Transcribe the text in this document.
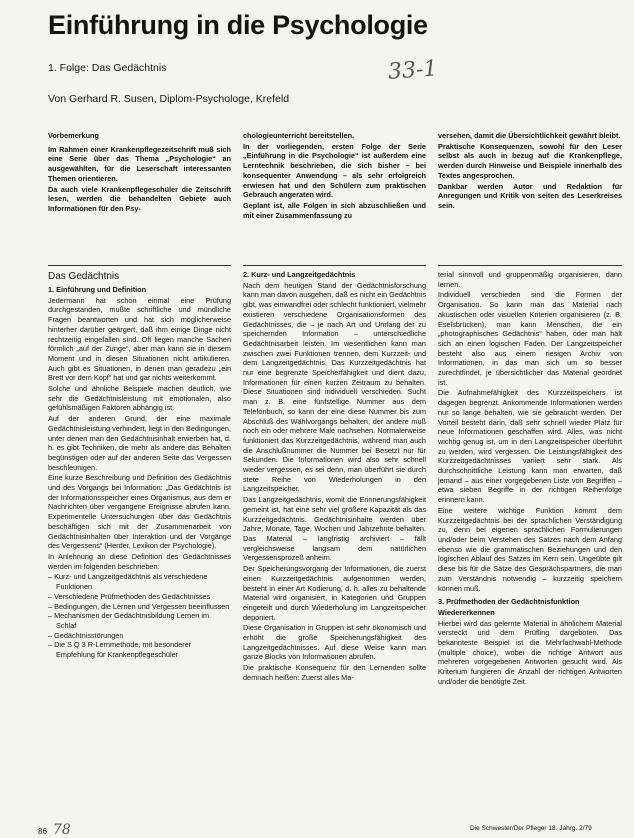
Einführung in die Psychologie
33-1
1. Folge: Das Gedächtnis
Von Gerhard R. Susen, Diplom-Psychologe, Krefeld

Vorbemerkung

Im Rahmen einer Krankenpflegezeitschrift muß sich eine Serie über das Thema „Psychologie“ an ausgewählten, für die Leserschaft interessanten Themen orientieren.

Da auch viele Krankenpflegeschüler die Zeitschrift lesen, werden die behandelten Gebiete auch Informationen für den Psy-

chologieunterricht bereitstellen.

In der vorliegenden, ersten Folge der Serie „Einführung in die Psychologie“ ist außerdem eine Lerntechnik beschrieben, die sich bisher – bei konsequenter Anwendung – als sehr erfolgreich erwiesen hat und den Schülern zum praktischen Gebrauch angeraten wird.

Geplant ist, alle Folgen in sich abzuschließen und mit einer Zusammenfassung zu

versehen, damit die Übersichtlichkeit gewährt bleibt.

Praktische Konsequenzen, sowohl für den Leser selbst als auch in bezug auf die Krankenpflege, werden durch Hinweise und Beispiele innerhalb des Textes angesprochen.

Dankbar werden Autor und Redaktion für Anregungen und Kritik von seiten des Leserkreises sein.

Das Gedächtnis

1. Einführung und Definition

Jedermann hat schon einmal eine Prüfung durchgestanden, mußte schriftliche und mündliche Fragen beantworten und hat sich möglicherweise hinterher darüber geärgert, daß ihm einige Dinge nicht rechtzeitig eingefallen sind. Oft liegen manche Sachen förmlich „auf der Zunge“, aber man kann sie in diesem Moment und in diesen Situationen nicht artikulieren. Auch gibt es Situationen, in denen man geradezu „ein Brett vor dem Kopf“ hat und gar nichts weiterkommt.

Solche und ähnliche Beispiele machen deutlich, wie sehr die Gedächtnisleistung mit emotionalen, also gefühlsmäßigen Faktoren abhängig ist.

Auf der anderen Grund, der eine maximale Gedächtnisleistung verhindert, liegt in den Bedingungen, unter denen man den Gedächtnisinhalt erwerben hat, d. h. es gibt Techniken, die mehr als andere das Behalten begünstigen oder auf der anderen Seite das Vergessen beschleunigen.

Eine kurze Beschreibung und Definition des Gedächtnis und des Vorgangs bei Information: „Das Gedächtnis ist der Informationsspeicher eines Organismus, aus dem er Nachrichten über vergangene Ereignisse abrufen kann. Experimentelle Untersuchungen über das Gedächtnis beschäftigen sich mit der Zusammenarbeit von Gedächtnisinhalten über Interaktion und der Vorgänge des Vergessens“ (Herder, Lexikon der Psychologie).

In Anlehnung an diese Definition des Gedächtnisses werden im folgenden beschrieben:

– Kurz- und Langzeitgedächtnis als verschiedene Funktionen
– Verschiedene Prüfmethoden des Gedächtnisses
– Bedingungen, die Lernen und Vergessen beeinflussen
– Mechanismen der Gedächtnisbildung Lernen im Schlaf
– Gedächtnisstörungen
– Die S Q 3 R-Lernmethode, mit besonderer Empfehlung für Krankenpflegeschüler

2. Kurz- und Langzeitgedächtnis

Nach dem heutigen Stand der Gedächtnisforschung kann man davon ausgehen, daß es nicht ein Gedächtnis gibt, was einwandfrei oder schlecht funktioniert, vielmehr existieren verschiedene Organisationsformen des Gedächtnisses, die – je nach Art und Umfang der zu speichernden Information – unterschiedliche Gedächtnisarbeit leisten. Im wesentlichen kann man zwischen zwei Funktionen trennen, dem Kurzzeit- und dem Langzeitgedächtnis. Das Kurzzeitgedächtnis hat nur eine begrenzte Speicherfähigkeit und dient dazu, Informationen für einen kurzen Zeitraum zu behalten. Diese Situationen sind individuell verschieden. Sucht man z. B. eine fünfstellige Nummer aus dem Telefonbuch, so kann der eine diese Nummer bis zum Abschluß des Wählvorgangs behalten, der andere muß noch ein oder mehrere Male nachsehen. Normalerweise funktioniert das Kurzzeitgedächtnis, während man auch die Anschlußnummer die Nummer bei Besetzt nur für Sekunden. Die Informationen wird also sehr schnell wieder vergessen, es sei denn, man überführt sie durch stete Reihe von Wiederholungen in den Langzeitspeicher.

Das Langzeitgedächtnis, womit die Erinnerungsfähigkeit gemeint ist, hat eine sehr viel größere Kapazität als das Kurzzeitgedächtnis. Gedächtnisinhalte werden über Jahre, Monate, Tage, Wochen und Jahrzehnte behalten. Das Material – langfristig archiviert – fällt vergleichsweise langsam dem natürlichen Vergessensprozeß anheim.

Der Speicherungsvorgang der Informationen, die zuerst einen Kurzzeitgedächtnis aufgenommen werden, besteht in einer Art Kodierung, d. h. alles zu behaltende Material wird organisiert, in Kategorien und Gruppen eingeteilt und durch Wiederholung im Langzeitspeicher deponiert.

Diese Organisation in Gruppen ist sehr ökonomisch und erhöht die große Speicherungsfähigkeit des Langzeitgedächtnisses. Auf diese Weise kann man ganze Blocks von Informationen abrufen.

Die praktische Konsequenz für den Lernenden sollte demnach heißen: Zuerst alles Ma-

terial sinnvoll und gruppenmäßig organisieren, dann lernen.

Individuell verschieden sind die Formen der Organisation. So kann man das Material nach akustischen oder visuellen Kriterien organisieren (z. B. Eselsbrücken), man kann Menschen, die ein „photographisches Gedächtnis“ haben, oder man hält sich an einen logischen Faden. Der Langzeitspeicher besteht also aus einem riesigen Archiv von Informationen, in das man sich um so besser zurechtfindet, je übersichtlicher das Material geordnet ist.

Die Aufnahmefähigkeit des Kurzzeitspeichers ist dagegen begrenzt. Ankommende Informationen werden nur so lange behalten, wie sie gebraucht werden. Der Vorteil besteht darin, daß sehr schnell wieder Platz für neue Informationen geschaffen wird. Alles, was nicht wichtig genug ist, um in den Langzeitspeicher überführt zu werden, wird vergessen. Die Leistungsfähigkeit des Kurzzeitgedächtnisses variiert sehr stark. Als durchschnittliche Leistung kann man erwarten, daß jemand – aus einer vorgegebenen Liste von Begriffen – etwa sieben Begriffe in der richtigen Reihenfolge erinnern kann.

Eine weitere wichtige Funktion kommt dem Kurzzeitgedächtnis bei der sprachlichen Verständigung zu, denn bei eigenen sprachlichen Formulierungen und/oder beim Verstehen des Satzes nach dem Anfang ebenso wie die grammatischen Beziehungen und den logischen Ablauf des Satzes im Kern sein. Ungeübte gilt diese bis für die Sätze des Gesprächspartners, die man zum Verständnis notwendig – kurzzeitig speichern können muß.

3. Prüfmethoden der Gedächtnisfunktion

Wiedererkennen

Hierbei wird das gelernte Material in ähnlichem Material versteckt und dem Prüfling dargeboten. Das bekannteste Beispiel ist die Mehrfachwahl-Methode (multiple choice), wobei die richtige Antwort aus mehreren vorgegebenen Antworten gesucht wird. Als Kriterium fungieren die Anzahl der richtigen Antworten und/oder die benötigte Zeit.

86 78	Die Schwester/Der Pfleger 18. Jahrg. 2/79
